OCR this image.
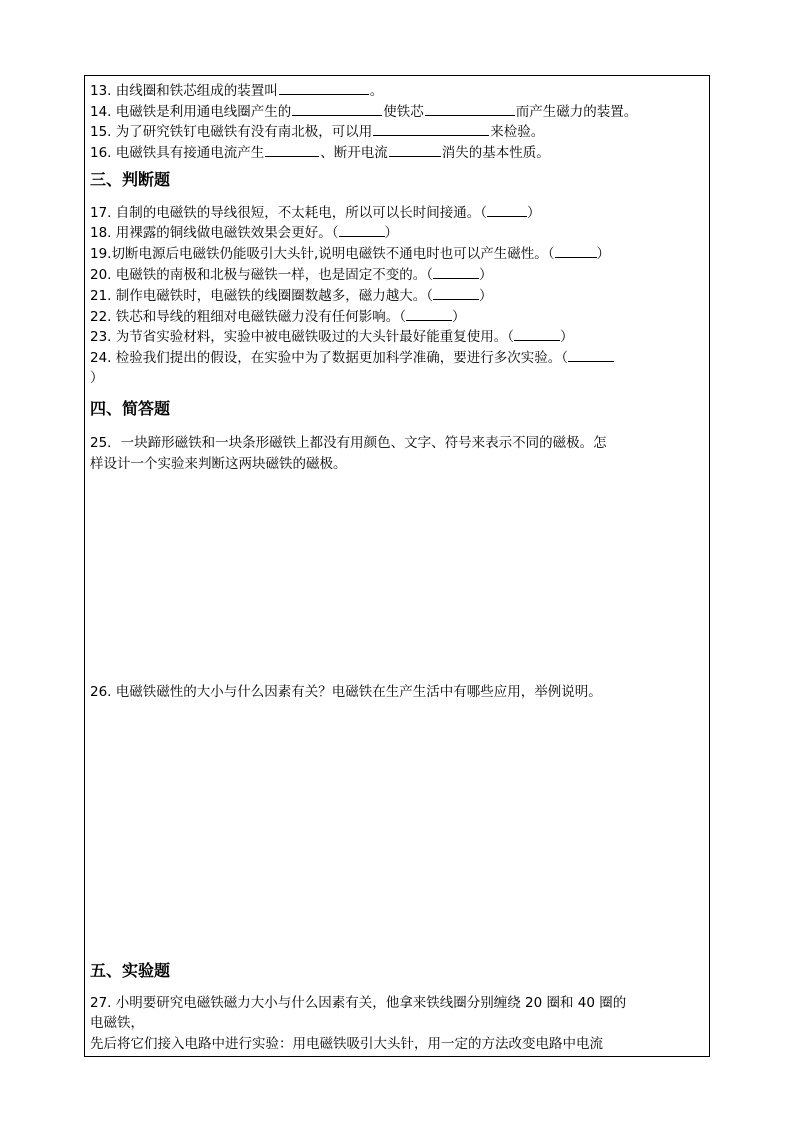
13. 由线圈和铁芯组成的装置叫	。
14. 电磁铁是利用通电线圈产生的	使铁芯	而产生磁力的装置。
15. 为了研究铁钉电磁铁有没有南北极，可以用	来检验。
16. 电磁铁具有接通电流产生	、断开电流	消失的基本性质。
三、判断题
17. 自制的电磁铁的导线很短，不太耗电，所以可以长时间接通。（	）
18. 用裸露的铜线做电磁铁效果会更好。（	）
19.切断电源后电磁铁仍能吸引大头针,说明电磁铁不通电时也可以产生磁性。（	）
20. 电磁铁的南极和北极与磁铁一样，也是固定不变的。（	）
21. 制作电磁铁时，电磁铁的线圈圈数越多，磁力越大。（	）
22. 铁芯和导线的粗细对电磁铁磁力没有任何影响。（	）
23. 为节省实验材料，实验中被电磁铁吸过的大头针最好能重复使用。（	）
24. 检验我们提出的假设，在实验中为了数据更加科学准确，要进行多次实验。（
）
四、简答题
25．一块蹄形磁铁和一块条形磁铁上都没有用颜色、文字、符号来表示不同的磁极。怎
样设计一个实验来判断这两块磁铁的磁极。
26. 电磁铁磁性的大小与什么因素有关？电磁铁在生产生活中有哪些应用，举例说明。
五、实验题
27. 小明要研究电磁铁磁力大小与什么因素有关，他拿来铁线圈分别缠绕 20 圈和 40 圈的
电磁铁，
先后将它们接入电路中进行实验：用电磁铁吸引大头针，用一定的方法改变电路中电流
